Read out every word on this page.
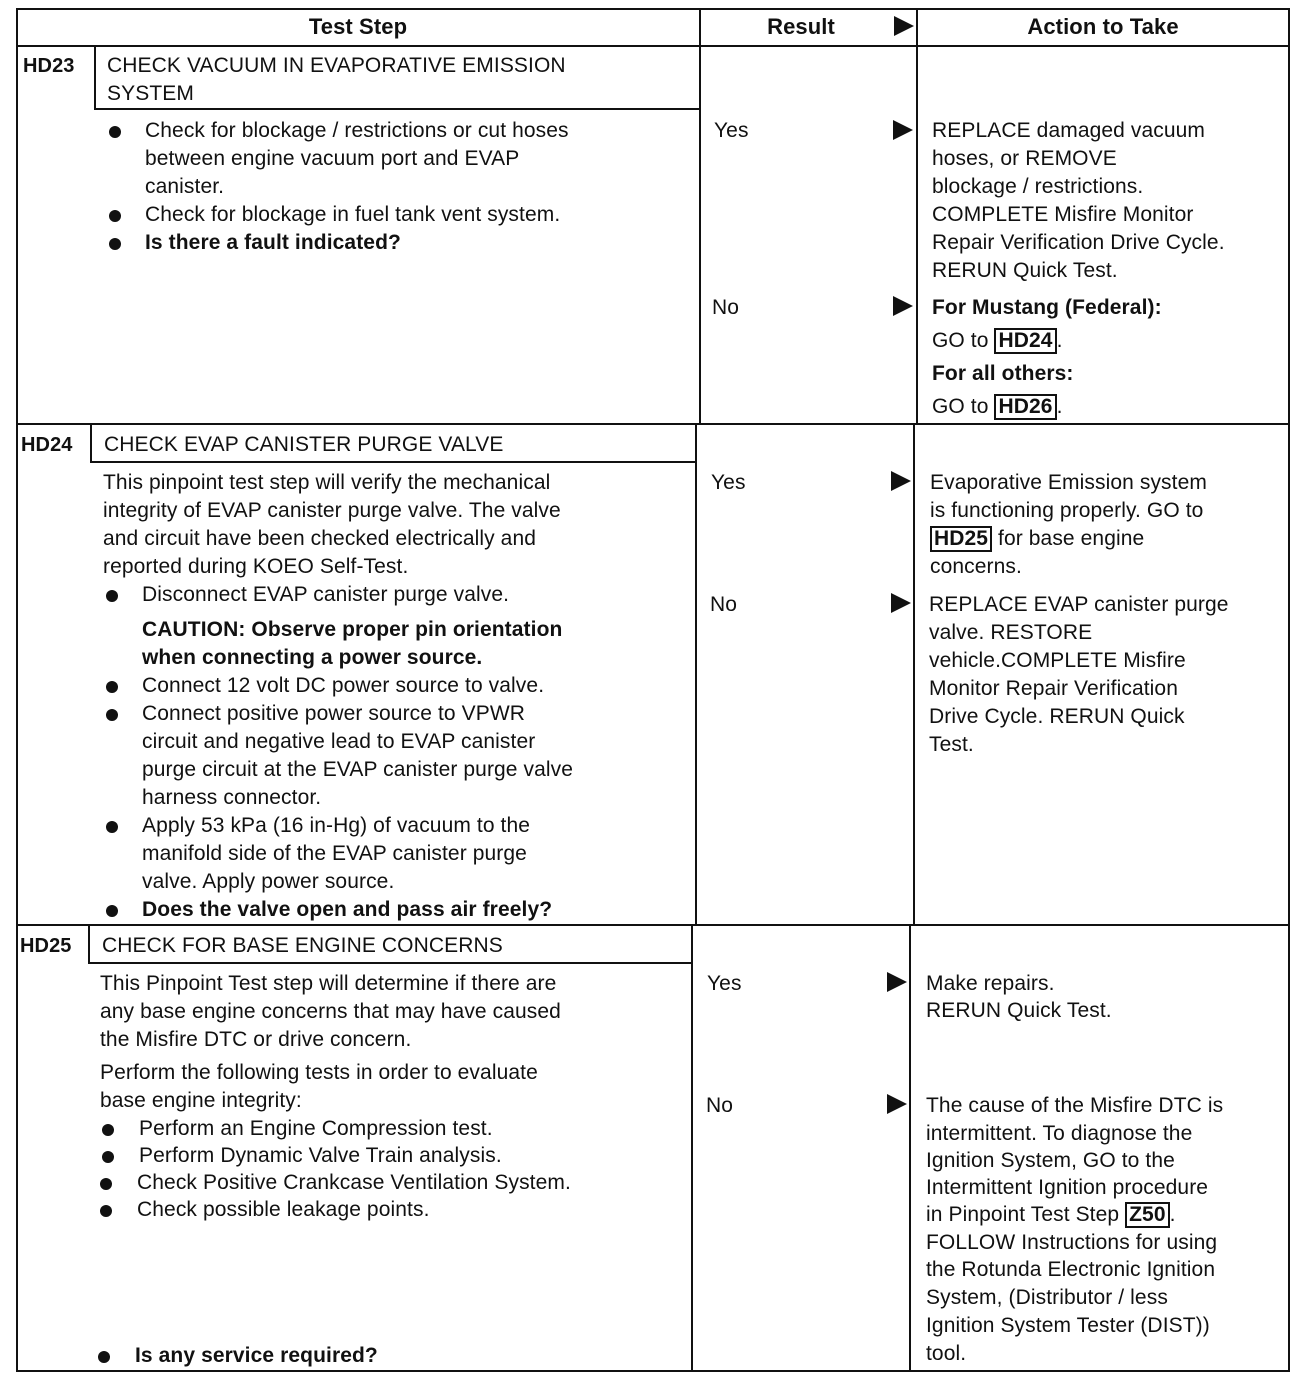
Test Step	Result	Action to Take
HD23 CHECK VACUUM IN EVAPORATIVE EMISSION
SYSTEM
Check for blockage / restrictions or cut hoses
between engine vacuum port and EVAP
canister.
Check for blockage in fuel tank vent system.
Is there a fault indicated?
Yes	REPLACE damaged vacuum
hoses, or REMOVE
blockage / restrictions.
COMPLETE Misfire Monitor
Repair Verification Drive Cycle.
RERUN Quick Test.
No	For Mustang (Federal):
GO to HD24 .
For all others:
GO to HD26 .
HD24 CHECK EVAP CANISTER PURGE VALVE
This pinpoint test step will verify the mechanical
integrity of EVAP canister purge valve. The valve
and circuit have been checked electrically and
reported during KOEO Self-Test.
Disconnect EVAP canister purge valve.
CAUTION: Observe proper pin orientation
when connecting a power source.
Connect 12 volt DC power source to valve.
Connect positive power source to VPWR
circuit and negative lead to EVAP canister
purge circuit at the EVAP canister purge valve
harness connector.
Apply 53 kPa (16 in-Hg) of vacuum to the
manifold side of the EVAP canister purge
valve. Apply power source.
Does the valve open and pass air freely?
Yes	Evaporative Emission system
is functioning properly. GO to
HD25 for base engine
concerns.
No	REPLACE EVAP canister purge
valve. RESTORE
vehicle.COMPLETE Misfire
Monitor Repair Verification
Drive Cycle. RERUN Quick
Test.
HD25 CHECK FOR BASE ENGINE CONCERNS
This Pinpoint Test step will determine if there are
any base engine concerns that may have caused
the Misfire DTC or drive concern.
Perform the following tests in order to evaluate
base engine integrity:
Perform an Engine Compression test.
Perform Dynamic Valve Train analysis.
Check Positive Crankcase Ventilation System.
Check possible leakage points.
Is any service required?
Yes	Make repairs.
RERUN Quick Test.
No	The cause of the Misfire DTC is
intermittent. To diagnose the
Ignition System, GO to the
Intermittent Ignition procedure
in Pinpoint Test Step Z50 .
FOLLOW Instructions for using
the Rotunda Electronic Ignition
System, (Distributor / less
Ignition System Tester (DIST))
tool.
